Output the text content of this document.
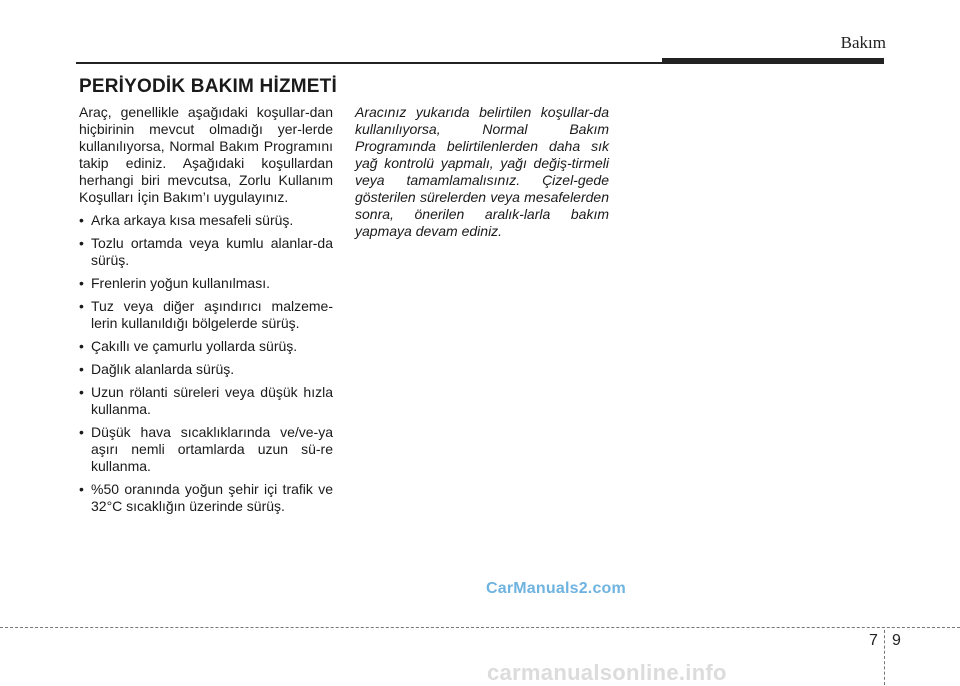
Bakım
PERİYODİK BAKIM HİZMETİ

Araç, genellikle aşağıdaki koşullar-dan hiçbirinin mevcut olmadığı yer-lerde kullanılıyorsa, Normal Bakım Programını takip ediniz. Aşağıdaki koşullardan herhangi biri mevcutsa, Zorlu Kullanım Koşulları İçin Bakım’ı uygulayınız.

• Arka arkaya kısa mesafeli sürüş.
• Tozlu ortamda veya kumlu alanlar-da sürüş.
• Frenlerin yoğun kullanılması.
• Tuz veya diğer aşındırıcı malzeme-lerin kullanıldığı bölgelerde sürüş.
• Çakıllı ve çamurlu yollarda sürüş.
• Dağlık alanlarda sürüş.
• Uzun rölanti süreleri veya düşük hızla kullanma.
• Düşük hava sıcaklıklarında ve/ve-ya aşırı nemli ortamlarda uzun sü-re kullanma.
• %50 oranında yoğun şehir içi trafik ve 32°C sıcaklığın üzerinde sürüş.

Aracınız yukarıda belirtilen koşullar-da kullanılıyorsa, Normal Bakım Programında belirtilenlerden daha sık yağ kontrolü yapmalı, yağı değiş-tirmeli veya tamamlamalısınız. Çizel-gede gösterilen sürelerden veya mesafelerden sonra, önerilen aralık-larla bakım yapmaya devam ediniz.

CarManuals2.com
7 9
carmanualsonline.info
